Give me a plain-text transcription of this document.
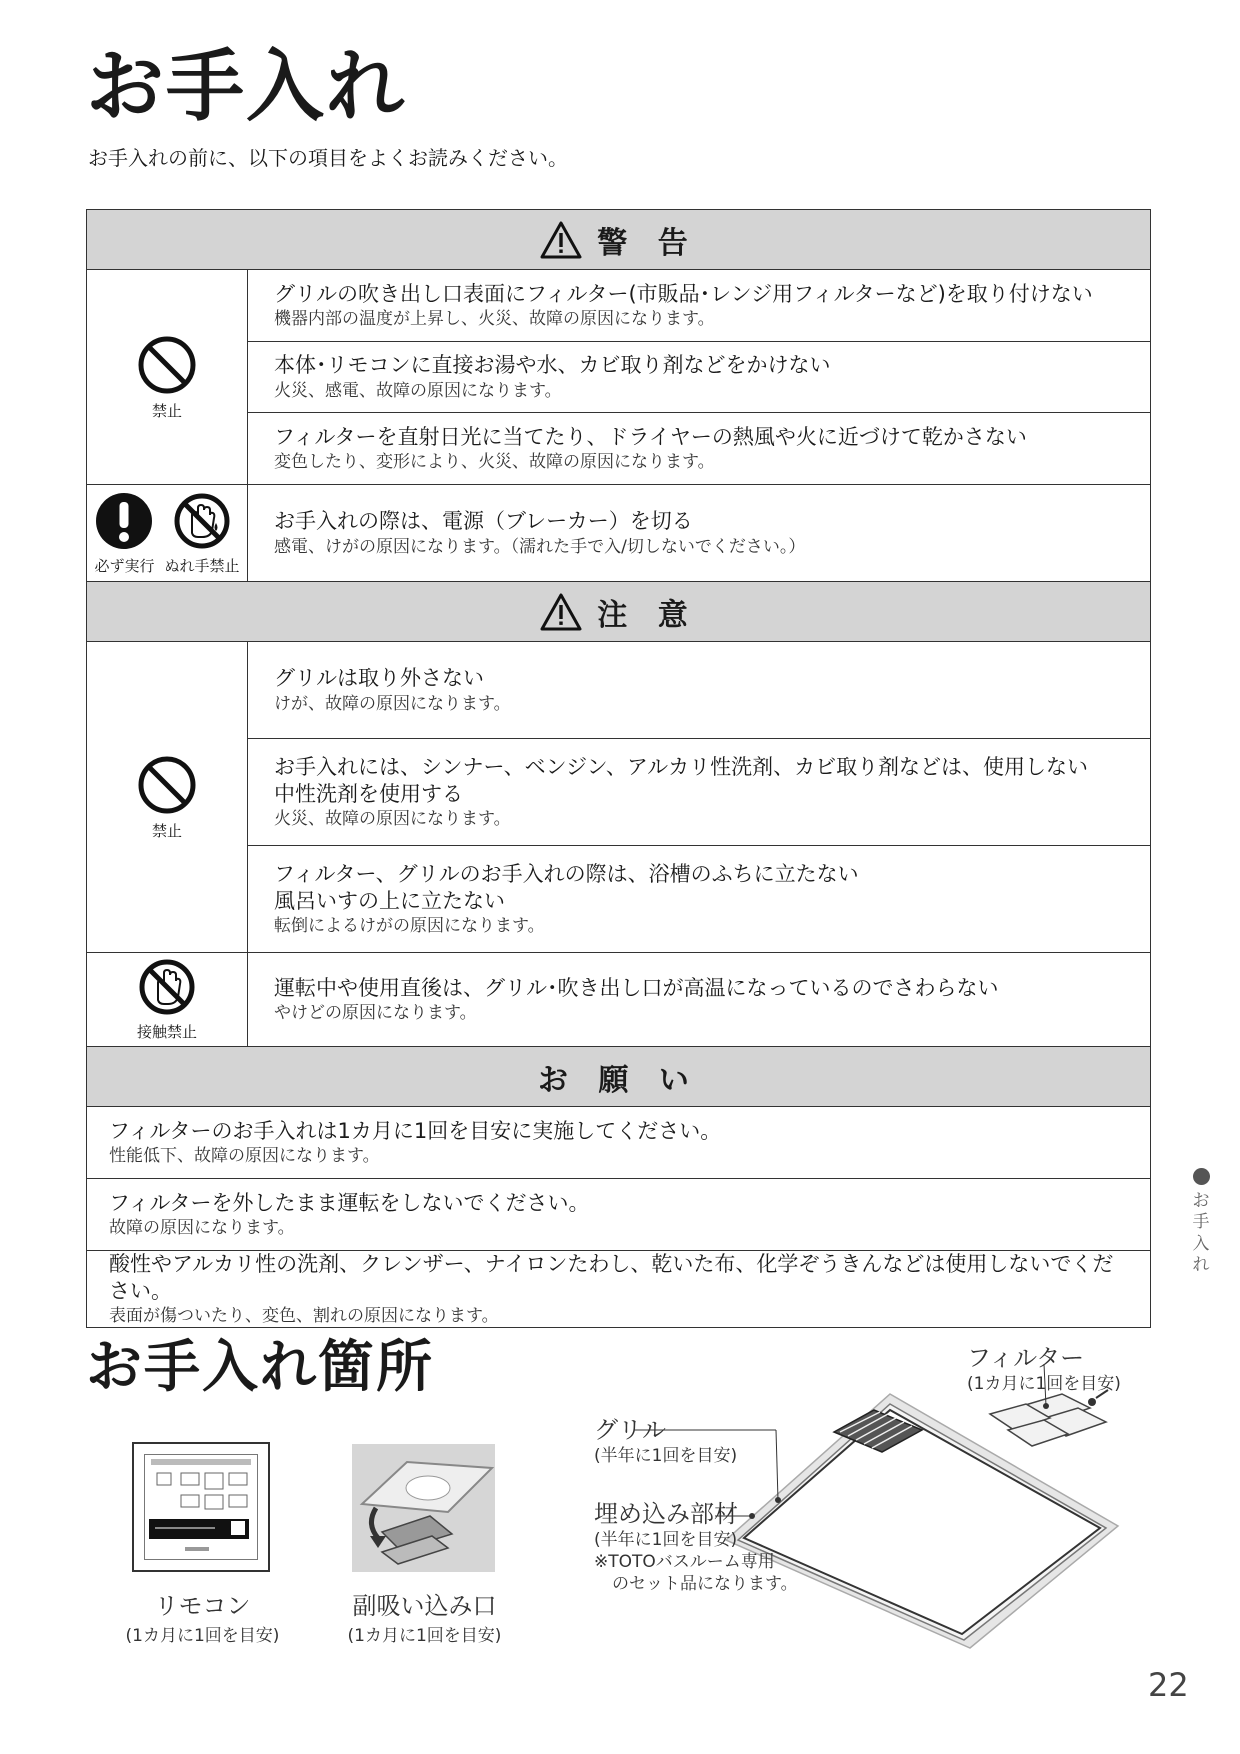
お手入れ

お手入れの前に、以下の項目をよくお読みください。

警 告
禁止
グリルの吹き出し口表面にフィルター(市販品･レンジ用フィルターなど)を取り付けない
機器内部の温度が上昇し、火災、故障の原因になります。
本体･リモコンに直接お湯や水、カビ取り剤などをかけない
火災、感電、故障の原因になります。
フィルターを直射日光に当てたり、ドライヤーの熱風や火に近づけて乾かさない
変色したり、変形により、火災、故障の原因になります。
必ず実行 ぬれ手禁止
お手入れの際は、電源（ブレーカー）を切る
感電、けがの原因になります。（濡れた手で入/切しないでください。）
注 意
禁止
グリルは取り外さない
けが、故障の原因になります。
お手入れには、シンナー、ベンジン、アルカリ性洗剤、カビ取り剤などは、使用しない
中性洗剤を使用する
火災、故障の原因になります。
フィルター、グリルのお手入れの際は、浴槽のふちに立たない
風呂いすの上に立たない
転倒によるけがの原因になります。
接触禁止
運転中や使用直後は、グリル･吹き出し口が高温になっているのでさわらない
やけどの原因になります。
お 願 い
フィルターのお手入れは1カ月に1回を目安に実施してください。
性能低下、故障の原因になります。
フィルターを外したまま運転をしないでください。
故障の原因になります。
酸性やアルカリ性の洗剤、クレンザー、ナイロンたわし、乾いた布、化学ぞうきんなどは使用しないでください。
表面が傷ついたり、変色、割れの原因になります。
お
手
入
れ
お手入れ箇所
リモコン
(1カ月に1回を目安)
副吸い込み口
(1カ月に1回を目安)
フィルター
(1カ月に1回を目安)
グリル
(半年に1回を目安)
埋め込み部材
(半年に1回を目安)
※TOTOバスルーム専用
のセット品になります。
22
